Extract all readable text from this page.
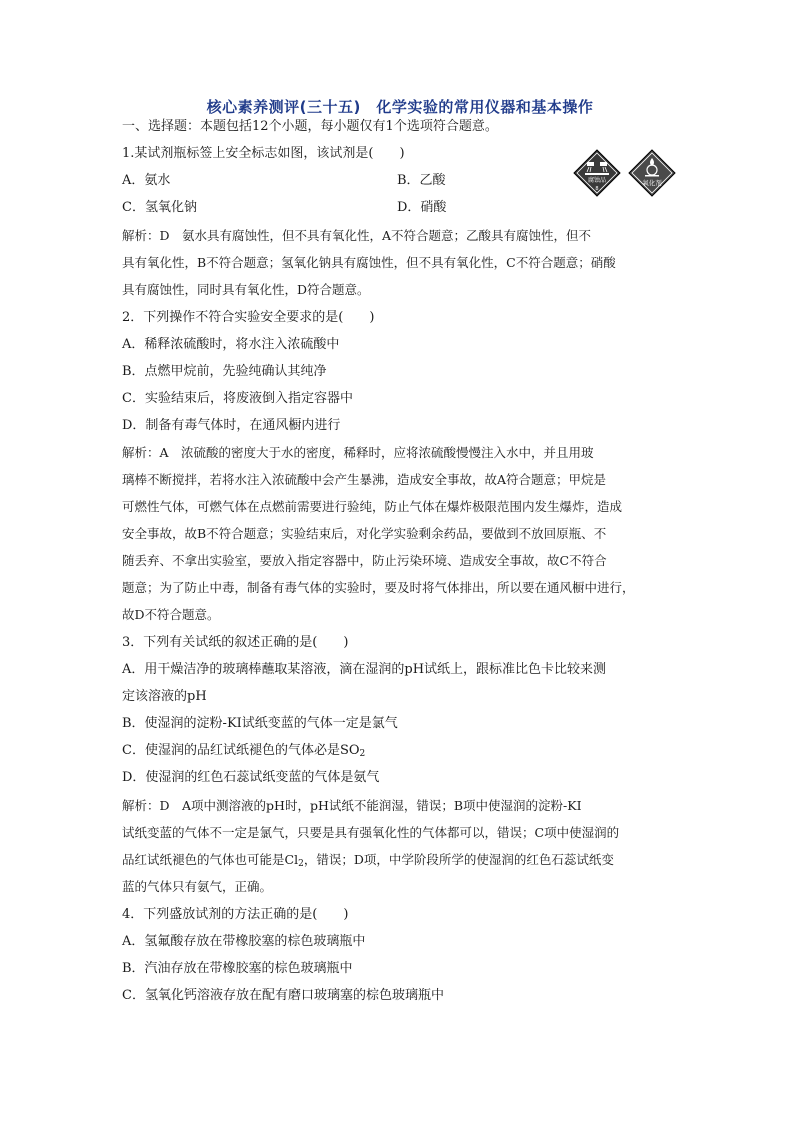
核心素养测评(三十五)　化学实验的常用仪器和基本操作
一、选择题：本题包括12个小题，每小题仅有1个选项符合题意。
1.某试剂瓶标签上安全标志如图，该试剂是(　　)
腐蚀品
8
氧化剂
A．氨水	B．乙酸
C．氢氧化钠	D．硝酸
解析：D　氨水具有腐蚀性，但不具有氧化性，A不符合题意；乙酸具有腐蚀性，但不
具有氧化性，B不符合题意；氢氧化钠具有腐蚀性，但不具有氧化性，C不符合题意；硝酸
具有腐蚀性，同时具有氧化性，D符合题意。
2．下列操作不符合实验安全要求的是(　　)
A．稀释浓硫酸时，将水注入浓硫酸中
B．点燃甲烷前，先验纯确认其纯净
C．实验结束后，将废液倒入指定容器中
D．制备有毒气体时，在通风橱内进行
解析：A　浓硫酸的密度大于水的密度，稀释时，应将浓硫酸慢慢注入水中，并且用玻
璃棒不断搅拌，若将水注入浓硫酸中会产生暴沸，造成安全事故，故A符合题意；甲烷是
可燃性气体，可燃气体在点燃前需要进行验纯，防止气体在爆炸极限范围内发生爆炸，造成
安全事故，故B不符合题意；实验结束后，对化学实验剩余药品，要做到不放回原瓶、不
随丢弃、不拿出实验室，要放入指定容器中，防止污染环境、造成安全事故，故C不符合
题意；为了防止中毒，制备有毒气体的实验时，要及时将气体排出，所以要在通风橱中进行，
故D不符合题意。
3．下列有关试纸的叙述正确的是(　　)
A．用干燥洁净的玻璃棒蘸取某溶液，滴在湿润的pH试纸上，跟标准比色卡比较来测
定该溶液的pH
B．使湿润的淀粉-KI试纸变蓝的气体一定是氯气
C．使湿润的品红试纸褪色的气体必是$SO_2$
D．使湿润的红色石蕊试纸变蓝的气体是氨气
解析：D　A项中测溶液的pH时，pH试纸不能润湿，错误；B项中使湿润的淀粉-KI
试纸变蓝的气体不一定是氯气，只要是具有强氧化性的气体都可以，错误；C项中使湿润的
品红试纸褪色的气体也可能是$Cl_2$，错误；D项，中学阶段所学的使湿润的红色石蕊试纸变
蓝的气体只有氨气，正确。
4．下列盛放试剂的方法正确的是(　　)
A．氢氟酸存放在带橡胶塞的棕色玻璃瓶中
B．汽油存放在带橡胶塞的棕色玻璃瓶中
C．氢氧化钙溶液存放在配有磨口玻璃塞的棕色玻璃瓶中
